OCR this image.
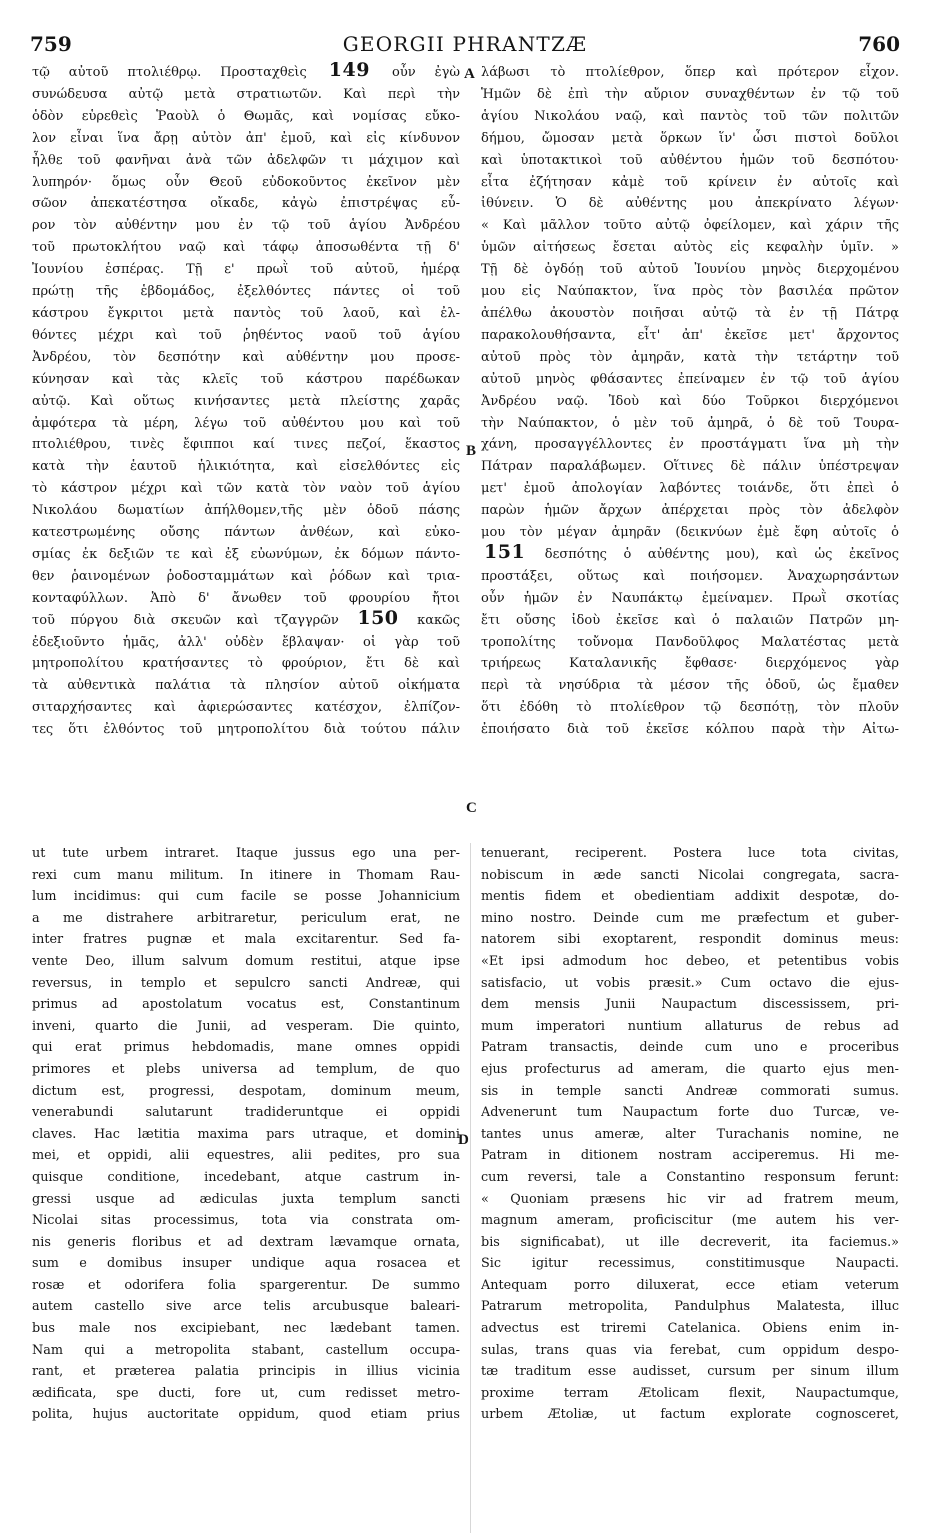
759	GEORGII PHRANTZÆ	760
τῷ αὐτοῦ πτολιέθρῳ. Προσταχθεὶς 149 οὖν ἐγὼ
συνώδευσα αὐτῷ μετὰ στρατιωτῶν. Καὶ περὶ τὴν
ὁδὸν εὑρεθεὶς Ῥαοὺλ ὁ Θωμᾶς, καὶ νομίσας εὔκο-
λον εἶναι ἵνα ἄρῃ αὐτὸν ἀπ' ἐμοῦ, καὶ εἰς κίνδυνον
ἦλθε τοῦ φανῆναι ἀνὰ τῶν ἀδελφῶν τι μάχιμον καὶ
λυπηρόν· ὅμως οὖν Θεοῦ εὐδοκοῦντος ἐκεῖνον μὲν
σῶον ἀπεκατέστησα οἴκαδε, κἀγὼ ἐπιστρέψας εὗ-
ρον τὸν αὐθέντην μου ἐν τῷ τοῦ ἁγίου Ἀνδρέου
τοῦ πρωτοκλήτου ναῷ καὶ τάφῳ ἀποσωθέντα τῇ δ'
Ἰουνίου ἑσπέρας. Τῇ ε' πρωῒ τοῦ αὐτοῦ, ἡμέρᾳ
πρώτῃ τῆς ἑβδομάδος, ἐξελθόντες πάντες οἱ τοῦ
κάστρου ἔγκριτοι μετὰ παντὸς τοῦ λαοῦ, καὶ ἐλ-
θόντες μέχρι καὶ τοῦ ῥηθέντος ναοῦ τοῦ ἁγίου
Ἀνδρέου, τὸν δεσπότην καὶ αὐθέντην μου προσε-
κύνησαν καὶ τὰς κλεῖς τοῦ κάστρου παρέδωκαν
αὐτῷ. Καὶ οὕτως κινήσαντες μετὰ πλείστης χαρᾶς
ἀμφότερα τὰ μέρη, λέγω τοῦ αὐθέντου μου καὶ τοῦ
πτολιέθρου, τινὲς ἔφιπποι καί τινες πεζοί, ἕκαστος
κατὰ τὴν ἑαυτοῦ ἡλικιότητα, καὶ εἰσελθόντες εἰς
τὸ κάστρον μέχρι καὶ τῶν κατὰ τὸν ναὸν τοῦ ἁγίου
Νικολάου δωματίων ἀπήλθομεν,τῆς μὲν ὁδοῦ πάσης
κατεστρωμένης οὔσης πάντων ἀνθέων, καὶ εὐκο-
σμίας ἐκ δεξιῶν τε καὶ ἐξ εὐωνύμων, ἐκ δόμων πάντο-
θεν ῥαινομένων ῥοδοσταμμάτων καὶ ῥόδων καὶ τρια-
κονταφύλλων. Ἀπὸ δ' ἄνωθεν τοῦ φρουρίου ἤτοι
τοῦ πύργου διὰ σκευῶν καὶ τζαγγρῶν 150 κακῶς
ἐδεξιοῦντο ἡμᾶς, ἀλλ' οὐδὲν ἔβλαψαν· οἱ γὰρ τοῦ
μητροπολίτου κρατήσαντες τὸ φρούριον, ἔτι δὲ καὶ
τὰ αὐθεντικὰ παλάτια τὰ πλησίον αὐτοῦ οἰκήματα
σιταρχήσαντες καὶ ἀφιερώσαντες κατέσχον, ἐλπίζον-
τες ὅτι ἐλθόντος τοῦ μητροπολίτου διὰ τούτου πάλιν
λάβωσι τὸ πτολίεθρον, ὅπερ καὶ πρότερον εἶχον.
Ἡμῶν δὲ ἐπὶ τὴν αὔριον συναχθέντων ἐν τῷ τοῦ
ἁγίου Νικολάου ναῷ, καὶ παντὸς τοῦ τῶν πολιτῶν
δήμου, ὤμοσαν μετὰ ὅρκων ἵν' ὦσι πιστοὶ δοῦλοι
καὶ ὑποτακτικοὶ τοῦ αὐθέντου ἡμῶν τοῦ δεσπότου·
εἶτα ἐζήτησαν κἀμὲ τοῦ κρίνειν ἐν αὐτοῖς καὶ
ἰθύνειν. Ὁ δὲ αὐθέντης μου ἀπεκρίνατο λέγων·
« Καὶ μᾶλλον τοῦτο αὐτῷ ὀφείλομεν, καὶ χάριν τῆς
ὑμῶν αἰτήσεως ἔσεται αὐτὸς εἰς κεφαλὴν ὑμῖν. »
Τῇ δὲ ὀγδόῃ τοῦ αὐτοῦ Ἰουνίου μηνὸς διερχομένου
μου εἰς Ναύπακτον, ἵνα πρὸς τὸν βασιλέα πρῶτον
ἀπέλθω ἀκουστὸν ποιῆσαι αὐτῷ τὰ ἐν τῇ Πάτρᾳ
παρακολουθήσαντα, εἶτ' ἀπ' ἐκεῖσε μετ' ἄρχοντος
αὐτοῦ πρὸς τὸν ἀμηρᾶν, κατὰ τὴν τετάρτην τοῦ
αὐτοῦ μηνὸς φθάσαντες ἐπείναμεν ἐν τῷ τοῦ ἁγίου
Ἀνδρέου ναῷ. Ἰδοὺ καὶ δύο Τοῦρκοι διερχόμενοι
τὴν Ναύπακτον, ὁ μὲν τοῦ ἀμηρᾶ, ὁ δὲ τοῦ Τουρα-
χάνη, προσαγγέλλοντες ἐν προστάγματι ἵνα μὴ τὴν
Πάτραν παραλάβωμεν. Οἵτινες δὲ πάλιν ὑπέστρεψαν
μετ' ἐμοῦ ἀπολογίαν λαβόντες τοιάνδε, ὅτι ἐπεὶ ὁ
παρὼν ἡμῶν ἄρχων ἀπέρχεται πρὸς τὸν ἀδελφὸν
μου τὸν μέγαν ἀμηρᾶν (δεικνύων ἐμὲ ἔφη αὐτοῖς ὁ
151 δεσπότης ὁ αὐθέντης μου), καὶ ὡς ἐκεῖνος
προστάξει, οὕτως καὶ ποιήσομεν. Ἀναχωρησάντων
οὖν ἡμῶν ἐν Ναυπάκτῳ ἐμείναμεν. Πρωῒ σκοτίας
ἔτι οὔσης ἰδοὺ ἐκεῖσε καὶ ὁ παλαιῶν Πατρῶν μη-
τροπολίτης τοὔνομα Πανδοῦλφος Μαλατέστας μετὰ
τριήρεως Καταλανικῆς ἔφθασε· διερχόμενος γὰρ
περὶ τὰ νησύδρια τὰ μέσον τῆς ὁδοῦ, ὡς ἔμαθεν
ὅτι ἐδόθη τὸ πτολίεθρον τῷ δεσπότῃ, τὸν πλοῦν
ἐποιήσατο διὰ τοῦ ἐκεῖσε κόλπου παρὰ τὴν Αἰτω-
A
B
C
D
ut tute urbem intraret. Itaque jussus ego una per-
rexi cum manu militum. In itinere in Thomam Rau-
lum incidimus: qui cum facile se posse Johannicium
a me distrahere arbitraretur, periculum erat, ne
inter fratres pugnæ et mala excitarentur. Sed fa-
vente Deo, illum salvum domum restitui, atque ipse
reversus, in templo et sepulcro sancti Andreæ, qui
primus ad apostolatum vocatus est, Constantinum
inveni, quarto die Junii, ad vesperam. Die quinto,
qui erat primus hebdomadis, mane omnes oppidi
primores et plebs universa ad templum, de quo
dictum est, progressi, despotam, dominum meum,
venerabundi salutarunt tradideruntque ei oppidi
claves. Hac lætitia maxima pars utraque, et domini
mei, et oppidi, alii equestres, alii pedites, pro sua
quisque conditione, incedebant, atque castrum in-
gressi usque ad ædiculas juxta templum sancti
Nicolai sitas processimus, tota via constrata om-
nis generis floribus et ad dextram lævamque ornata,
sum e domibus insuper undique aqua rosacea et
rosæ et odorifera folia spargerentur. De summo
autem castello sive arce telis arcubusque baleari-
bus male nos excipiebant, nec lædebant tamen.
Nam qui a metropolita stabant, castellum occupa-
rant, et præterea palatia principis in illius vicinia
ædificata, spe ducti, fore ut, cum redisset metro-
polita, hujus auctoritate oppidum, quod etiam prius
tenuerant, reciperent. Postera luce tota civitas,
nobiscum in æde sancti Nicolai congregata, sacra-
mentis fidem et obedientiam addixit despotæ, do-
mino nostro. Deinde cum me præfectum et guber-
natorem sibi exoptarent, respondit dominus meus:
«Et ipsi admodum hoc debeo, et petentibus vobis
satisfacio, ut vobis præsit.» Cum octavo die ejus-
dem mensis Junii Naupactum discessissem, pri-
mum imperatori nuntium allaturus de rebus ad
Patram transactis, deinde cum uno e proceribus
ejus profecturus ad ameram, die quarto ejus men-
sis in temple sancti Andreæ commorati sumus.
Advenerunt tum Naupactum forte duo Turcæ, ve-
tantes unus ameræ, alter Turachanis nomine, ne
Patram in ditionem nostram acciperemus. Hi me-
cum reversi, tale a Constantino responsum ferunt:
« Quoniam præsens hic vir ad fratrem meum,
magnum ameram, proficiscitur (me autem his ver-
bis significabat), ut ille decreverit, ita faciemus.»
Sic igitur recessimus, constitimusque Naupacti.
Antequam porro diluxerat, ecce etiam veterum
Patrarum metropolita, Pandulphus Malatesta, illuc
advectus est triremi Catelanica. Obiens enim in-
sulas, trans quas via ferebat, cum oppidum despo-
tæ traditum esse audisset, cursum per sinum illum
proxime terram Ætolicam flexit, Naupactumque,
urbem Ætoliæ, ut factum explorate cognosceret,
